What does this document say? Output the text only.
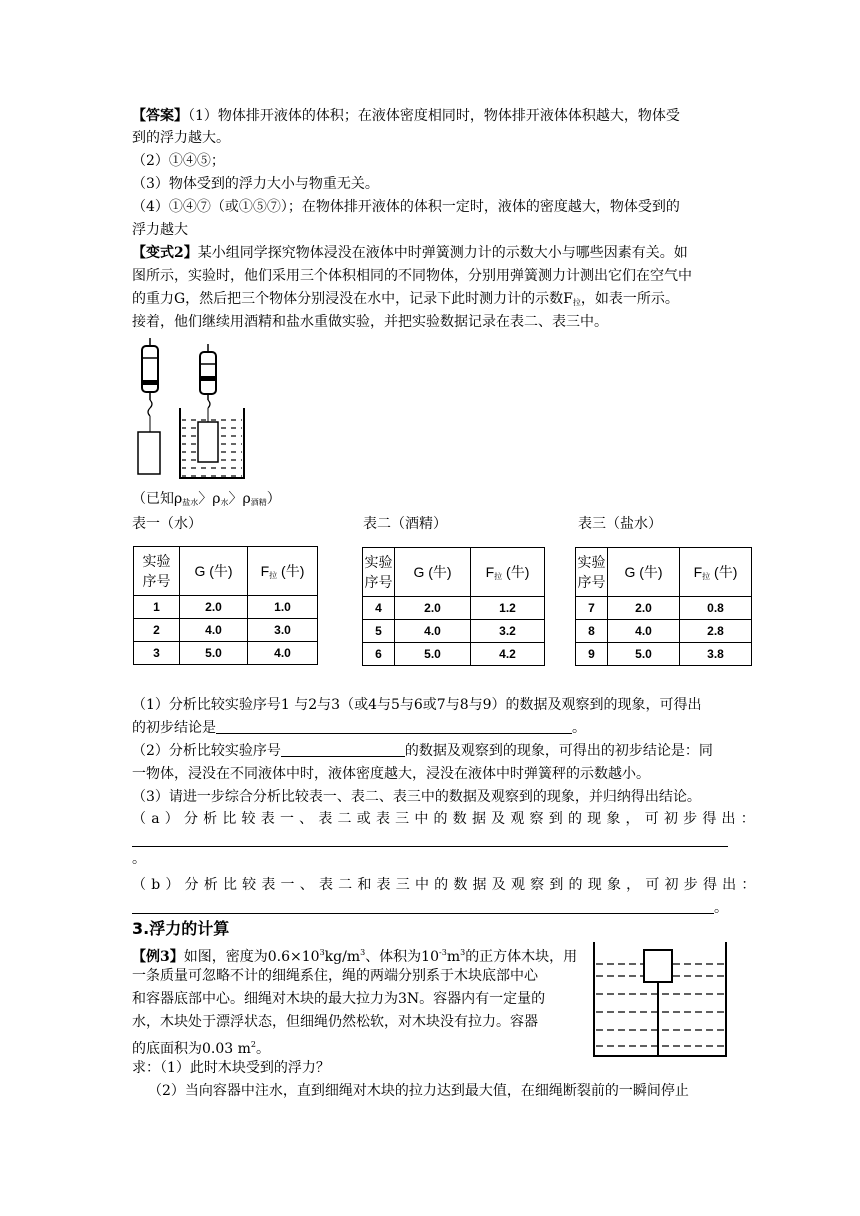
【答案】（1）物体排开液体的体积；在液体密度相同时，物体排开液体体积越大，物体受
到的浮力越大。
（2）①④⑤；
（3）物体受到的浮力大小与物重无关。
（4）①④⑦（或①⑤⑦）；在物体排开液体的体积一定时，液体的密度越大，物体受到的
浮力越大
【变式2】某小组同学探究物体浸没在液体中时弹簧测力计的示数大小与哪些因素有关。如
图所示，实验时，他们采用三个体积相同的不同物体，分别用弹簧测力计测出它们在空气中
的重力G，然后把三个物体分别浸没在水中，记录下此时测力计的示数$F_拉$，如表一所示。
接着，他们继续用酒精和盐水重做实验，并把实验数据记录在表二、表三中。
（已知$\rho_{盐水}$〉$\rho_水$〉$\rho_{酒精}$）
表一（水）	表二（酒精）	表三（盐水）
实验
序号	G (牛)	$F_拉$ (牛)
1	2.0	1.0
2	4.0	3.0
3	5.0	4.0
实验
序号	G (牛)	$F_拉$ (牛)
4	2.0	1.2
5	4.0	3.2
6	5.0	4.2
实验
序号	G (牛)	$F_拉$ (牛)
7	2.0	0.8
8	4.0	2.8
9	5.0	3.8
（1）分析比较实验序号1 与2与3（或4与5与6或7与8与9）的数据及观察到的现象，可得出
的初步结论是	。
（2）分析比较实验序号	的数据及观察到的现象，可得出的初步结论是：同
一物体，浸没在不同液体中时，液体密度越大，浸没在液体中时弹簧秤的示数越小。
（3）请进一步综合分析比较表一、表二、表三中的数据及观察到的现象，并归纳得出结论。
（a）分析比较表一、表二或表三中的数据及观察到的现象，可初步得出：
。
（b）分析比较表一、表二和表三中的数据及观察到的现象，可初步得出：
。
3.浮力的计算
【例3】如图，密度为$0.6\times 10^3kg/m^3$、体积为$10^{-3}m^3$的正方体木块，用
一条质量可忽略不计的细绳系住，绳的两端分别系于木块底部中心
和容器底部中心。细绳对木块的最大拉力为3N。容器内有一定量的
水，木块处于漂浮状态，但细绳仍然松软，对木块没有拉力。容器
的底面积为0.03 $m^2$。
求：（1）此时木块受到的浮力？
（2）当向容器中注水，直到细绳对木块的拉力达到最大值，在细绳断裂前的一瞬间停止
